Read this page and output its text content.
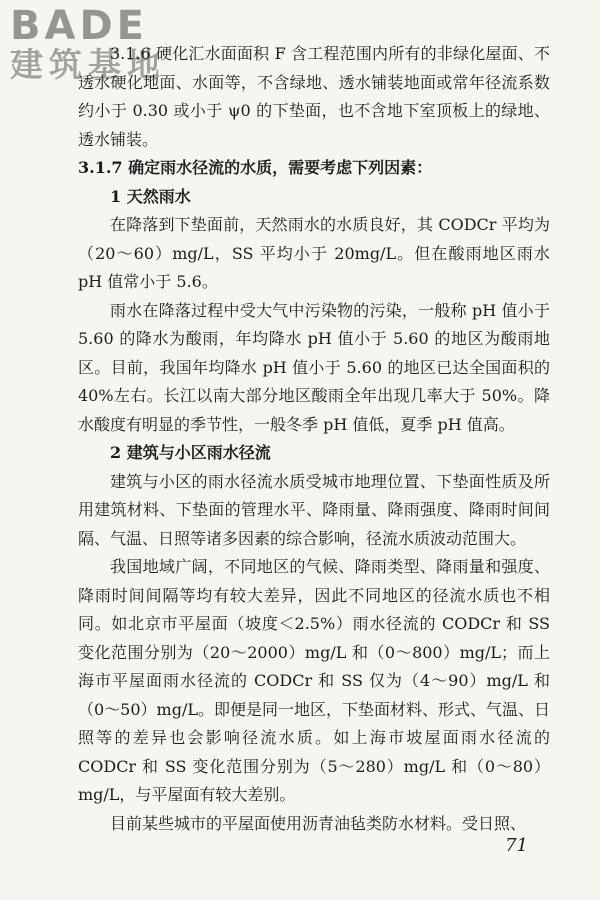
BADE
建筑基地

3.1.6 硬化汇水面面积 F 含工程范围内所有的非绿化屋面、不透水硬化地面、水面等，不含绿地、透水铺装地面或常年径流系数约小于 0.30 或小于 ψ0 的下垫面，也不含地下室顶板上的绿地、透水铺装。

3.1.7 确定雨水径流的水质，需要考虑下列因素：

1 天然雨水

在降落到下垫面前，天然雨水的水质良好，其 CODCr 平均为（20～60）mg/L，SS 平均小于 20mg/L。但在酸雨地区雨水 pH 值常小于 5.6。

雨水在降落过程中受大气中污染物的污染，一般称 pH 值小于 5.60 的降水为酸雨，年均降水 pH 值小于 5.60 的地区为酸雨地区。目前，我国年均降水 pH 值小于 5.60 的地区已达全国面积的 40%左右。长江以南大部分地区酸雨全年出现几率大于 50%。降水酸度有明显的季节性，一般冬季 pH 值低，夏季 pH 值高。

2 建筑与小区雨水径流

建筑与小区的雨水径流水质受城市地理位置、下垫面性质及所用建筑材料、下垫面的管理水平、降雨量、降雨强度、降雨时间间隔、气温、日照等诸多因素的综合影响，径流水质波动范围大。

我国地域广阔，不同地区的气候、降雨类型、降雨量和强度、降雨时间间隔等均有较大差异，因此不同地区的径流水质也不相同。如北京市平屋面（坡度＜2.5%）雨水径流的 CODCr 和 SS 变化范围分别为（20～2000）mg/L 和（0～800）mg/L；而上海市平屋面雨水径流的 CODCr 和 SS 仅为（4～90）mg/L 和（0～50）mg/L。即便是同一地区，下垫面材料、形式、气温、日照等的差异也会影响径流水质。如上海市坡屋面雨水径流的 CODCr 和 SS 变化范围分别为（5～280）mg/L 和（0～80）mg/L，与平屋面有较大差别。

目前某些城市的平屋面使用沥青油毡类防水材料。受日照、

71
